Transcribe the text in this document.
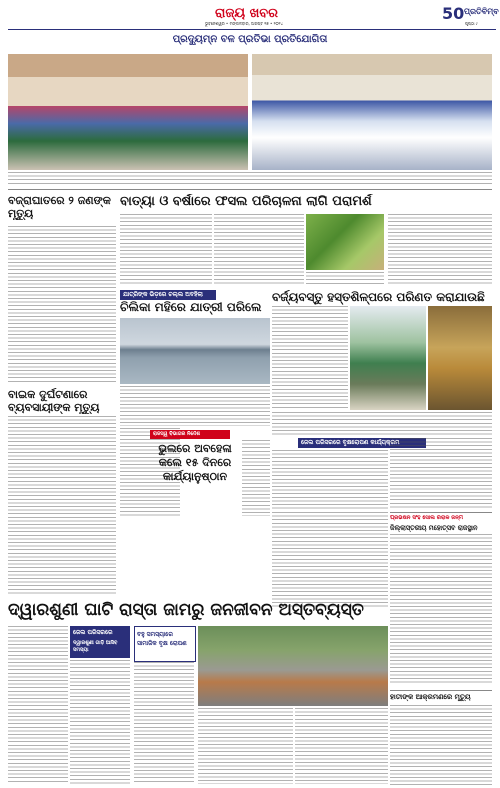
ରାଜ୍ୟ ଖବର
ଭୁବନେଶ୍ୱର • ମଙ୍ଗଳବାର, ଅଗଷ୍ଟ ୨୭ • ୨୦୨୪
50 ପ୍ରତିବିମ୍ବ
ପୃଷ୍ଠା ୯
ପ୍ରଦ୍ୟୁମ୍ନ ବଳ ପ୍ରତିଭା ପ୍ରତିଯୋଗିତା
ବଜ୍ରାଘାତରେ ୨ ଜଣଙ୍କ ମୃତ୍ୟୁ
ବାତ୍ୟା ଓ ବର୍ଷାରେ ଫସଲ ପରିଚାଳନା ଲାଗି ପରାମର୍ଶ
ଯାତ୍ରିଙ୍କ ଭିଡ଼ରେ ଚଲ୍‌ଲ ଅବହିଲା
ଚିଲିକା ମହିରେ ଯାତ୍ରୀ ପରିଲେ
ବର୍ଜ୍ୟବସ୍ତୁ ହସ୍ତଶିଳ୍ପରେ ପରିଣତ କରାଯାଉଛି
ଜେଲ ପରିସରରେ ବୃକ୍ଷରୋପଣ କାର୍ଯ୍ୟକ୍ରମ
ବାଇକ ଦୁର୍ଘଟଣାରେ ବ୍ୟବସାୟୀଙ୍କ ମୃତ୍ୟୁ
ରାଜସ୍ୱ ବିଭାଗର ନିର୍ଦ୍ଦେଶ
ଭୁଲରେ ଅବହେଳା କଲେ ୧୫ ଦିନରେ କାର୍ଯ୍ୟାନୁଷ୍ଠାନ
ପ୍ରଭିଷନ ସିଂହ ସୋଲ ରିରାକ ଜନ୍ମ
ଜିଲ୍ଲାସ୍ତରୀୟ ମହୋତ୍ସବ ରାଜସ୍ଥାନ
ଦ୍ୱାରଶୁଣୀ ଘାଟି ରାସ୍ତା ଜାମରୁ ଜନଜୀବନ ଅସ୍ତବ୍ୟସ୍ତ
ଜେଲ ପରିସରରେ
ଦ୍ୱାରଶୁଣୀ ଗାଡ଼ି ଆସିବ ସମସ୍ୟା
ବହୁ ସମସ୍ୟାରେ ସାମାଜିକ ବୃକ୍ଷ ରୋପଣ
ହାତୀଙ୍କ ଆକ୍ରମଣରେ ମୃତ୍ୟୁ
